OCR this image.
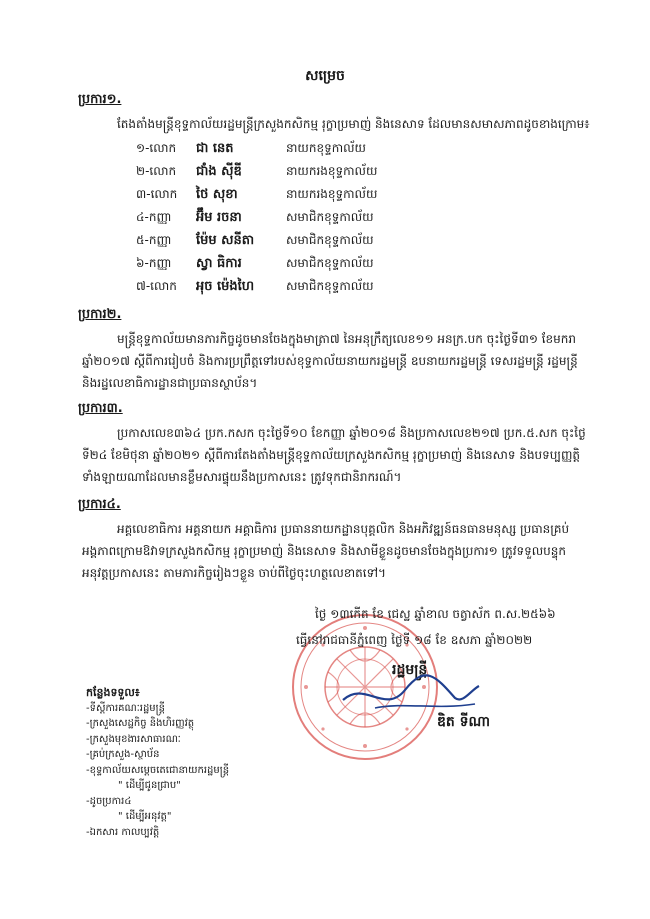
សម្រេច
ប្រការ១.
តែងតាំងមន្ត្រីខុទ្ទកាល័យរដ្ឋមន្ត្រីក្រសួងកសិកម្ម រុក្ខាប្រមាញ់ និងនេសាទ ដែលមានសមាសភាពដូចខាងក្រោម៖
១-លោក	ជា នេត	នាយកខុទ្ទកាល័យ
២-លោក	ជាំង ស៊ីឌី	នាយករងខុទ្ទកាល័យ
៣-លោក	ថៃ សុខា	នាយករងខុទ្ទកាល័យ
៤-កញ្ញា	អ៊ឹម រចនា	សមាជិកខុទ្ទកាល័យ
៥-កញ្ញា	ម៉ែម សនីតា	សមាជិកខុទ្ទកាល័យ
៦-កញ្ញា	ស្វា ធិការ	សមាជិកខុទ្ទកាល័យ
៧-លោក	អុច ម៉េងហៃ	សមាជិកខុទ្ទកាល័យ
ប្រការ២.
មន្ត្រីខុទ្ទកាល័យមានភារកិច្ចដូចមានចែងក្នុងមាត្រា៧ នៃអនុក្រឹត្យលេខ១១ អនក្រ.បក ចុះថ្ងៃទី៣១ ខែមករា
ឆ្នាំ២០១៧ ស្ដីពីការរៀបចំ និងការប្រព្រឹត្តទៅរបស់ខុទ្ទកាល័យនាយករដ្ឋមន្ត្រី ឧបនាយករដ្ឋមន្ត្រី ទេសរដ្ឋមន្ត្រី រដ្ឋមន្ត្រី
និងរដ្ឋលេខាធិការដ្ឋានជាប្រធានស្ថាប័ន។
ប្រការ៣.
ប្រកាសលេខ៣៦៤ ប្រក.កសក ចុះថ្ងៃទី១០ ខែកញ្ញា ឆ្នាំ២០១៨ និងប្រកាសលេខ២១៧ ប្រក.៥.សក ចុះថ្ងៃ
ទី២៤ ខែមិថុនា ឆ្នាំ២០២១ ស្ដីពីការតែងតាំងមន្ត្រីខុទ្ទកាល័យក្រសួងកសិកម្ម រុក្ខាប្រមាញ់ និងនេសាទ និងបទប្បញ្ញត្តិ
ទាំងឡាយណាដែលមានខ្លឹមសារផ្ទុយនឹងប្រកាសនេះ ត្រូវទុកជានិរាករណ៍។
ប្រការ៤.
អគ្គលេខាធិការ អគ្គនាយក អគ្គាធិការ ប្រធាននាយកដ្ឋានបុគ្គលិក និងអភិវឌ្ឍន៍ធនធានមនុស្ស ប្រធានគ្រប់
អង្គភាពក្រោមឱវាទក្រសួងកសិកម្ម រុក្ខាប្រមាញ់ និងនេសាទ និងសាមីខ្លួនដូចមានចែងក្នុងប្រការ១ ត្រូវទទួលបន្ទុក
អនុវត្តប្រកាសនេះ តាមភារកិច្ចរៀងៗខ្លួន ចាប់ពីថ្ងៃចុះហត្ថលេខាតទៅ។
ថ្ងៃ ១៣កើត ខែ ជេស្ឋ ឆ្នាំខាល ចត្វាស័ក ព.ស.២៥៦៦
ធ្វើនៅរាជធានីភ្នំពេញ ថ្ងៃទី ១៨ ខែ ឧសភា ឆ្នាំ២០២២
រដ្ឋមន្ត្រី
ឌិត ទីណា
កន្លែងទទួល៖
-ទីស្ដីការគណៈរដ្ឋមន្ត្រី
-ក្រសួងសេដ្ឋកិច្ច និងហិរញ្ញវត្ថុ
-ក្រសួងមុខងារសាធារណៈ
-គ្រប់ក្រសួង-ស្ថាប័ន
-ខុទ្ទកាល័យសម្ដេចតេជោនាយករដ្ឋមន្ត្រី
" ដើម្បីជូនជ្រាប"
-ដូចប្រការ៤
" ដើម្បីអនុវត្ត"
-ឯកសារ កាលប្បវត្តិ
